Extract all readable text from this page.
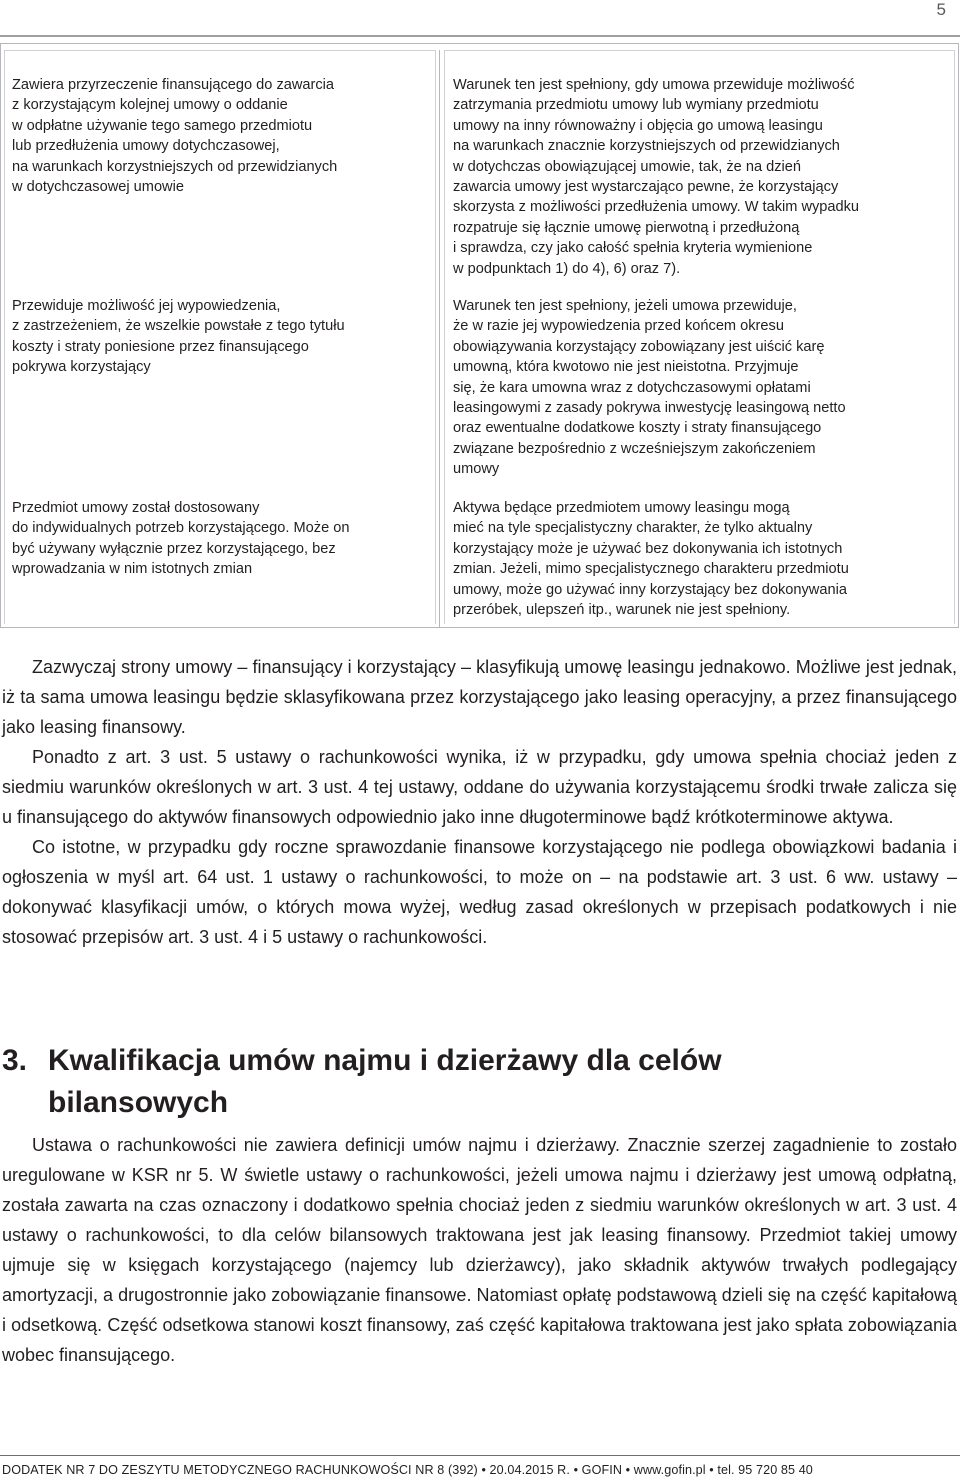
5
Zawiera przyrzeczenie finansującego do zawarcia
z korzystającym kolejnej umowy o oddanie
w odpłatne używanie tego samego przedmiotu
lub przedłużenia umowy dotychczasowej,
na warunkach korzystniejszych od przewidzianych
w dotychczasowej umowie
Warunek ten jest spełniony, gdy umowa przewiduje możliwość
zatrzymania przedmiotu umowy lub wymiany przedmiotu
umowy na inny równoważny i objęcia go umową leasingu
na warunkach znacznie korzystniejszych od przewidzianych
w dotychczas obowiązującej umowie, tak, że na dzień
zawarcia umowy jest wystarczająco pewne, że korzystający
skorzysta z możliwości przedłużenia umowy. W takim wypadku
rozpatruje się łącznie umowę pierwotną i przedłużoną
i sprawdza, czy jako całość spełnia kryteria wymienione
w podpunktach 1) do 4), 6) oraz 7).
Przewiduje możliwość jej wypowiedzenia,
z zastrzeżeniem, że wszelkie powstałe z tego tytułu
koszty i straty poniesione przez finansującego
pokrywa korzystający
Warunek ten jest spełniony, jeżeli umowa przewiduje,
że w razie jej wypowiedzenia przed końcem okresu
obowiązywania korzystający zobowiązany jest uiścić karę
umowną, która kwotowo nie jest nieistotna. Przyjmuje
się, że kara umowna wraz z dotychczasowymi opłatami
leasingowymi z zasady pokrywa inwestycję leasingową netto
oraz ewentualne dodatkowe koszty i straty finansującego
związane bezpośrednio z wcześniejszym zakończeniem
umowy
Przedmiot umowy został dostosowany
do indywidualnych potrzeb korzystającego. Może on
być używany wyłącznie przez korzystającego, bez
wprowadzania w nim istotnych zmian
Aktywa będące przedmiotem umowy leasingu mogą
mieć na tyle specjalistyczny charakter, że tylko aktualny
korzystający może je używać bez dokonywania ich istotnych
zmian. Jeżeli, mimo specjalistycznego charakteru przedmiotu
umowy, może go używać inny korzystający bez dokonywania
przeróbek, ulepszeń itp., warunek nie jest spełniony.

Zazwyczaj strony umowy – finansujący i korzystający – klasyfikują umowę leasingu jednakowo. Możliwe jest jednak, iż ta sama umowa leasingu będzie sklasyfikowana przez korzystającego jako leasing operacyjny, a przez finansującego jako leasing finansowy.

Ponadto z art. 3 ust. 5 ustawy o rachunkowości wynika, iż w przypadku, gdy umowa spełnia chociaż jeden z siedmiu warunków określonych w art. 3 ust. 4 tej ustawy, oddane do używania korzystającemu środki trwałe zalicza się u finansującego do aktywów finansowych odpowiednio jako inne długoterminowe bądź krótkoterminowe aktywa.

Co istotne, w przypadku gdy roczne sprawozdanie finansowe korzystającego nie podlega obowiązkowi badania i ogłoszenia w myśl art. 64 ust. 1 ustawy o rachunkowości, to może on – na podstawie art. 3 ust. 6 ww. ustawy – dokonywać klasyfikacji umów, o których mowa wyżej, według zasad określonych w przepisach podatkowych i nie stosować przepisów art. 3 ust. 4 i 5 ustawy o rachunkowości.

3. Kwalifikacja umów najmu i dzierżawy dla celów
bilansowych

Ustawa o rachunkowości nie zawiera definicji umów najmu i dzierżawy. Znacznie szerzej zagadnienie to zostało uregulowane w KSR nr 5. W świetle ustawy o rachunkowości, jeżeli umowa najmu i dzierżawy jest umową odpłatną, została zawarta na czas oznaczony i dodatkowo spełnia chociaż jeden z siedmiu warunków określonych w art. 3 ust. 4 ustawy o rachunkowości, to dla celów bilansowych traktowana jest jak leasing finansowy. Przedmiot takiej umowy ujmuje się w księgach korzystającego (najemcy lub dzierżawcy), jako składnik aktywów trwałych podlegający amortyzacji, a drugostronnie jako zobowiązanie finansowe. Natomiast opłatę podstawową dzieli się na część kapitałową i odsetkową. Część odsetkowa stanowi koszt finansowy, zaś część kapitałowa traktowana jest jako spłata zobowiązania wobec finansującego.

DODATEK NR 7 DO ZESZYTU METODYCZNEGO RACHUNKOWOŚCI NR 8 (392) • 20.04.2015 R. • GOFIN • www.gofin.pl • tel. 95 720 85 40
